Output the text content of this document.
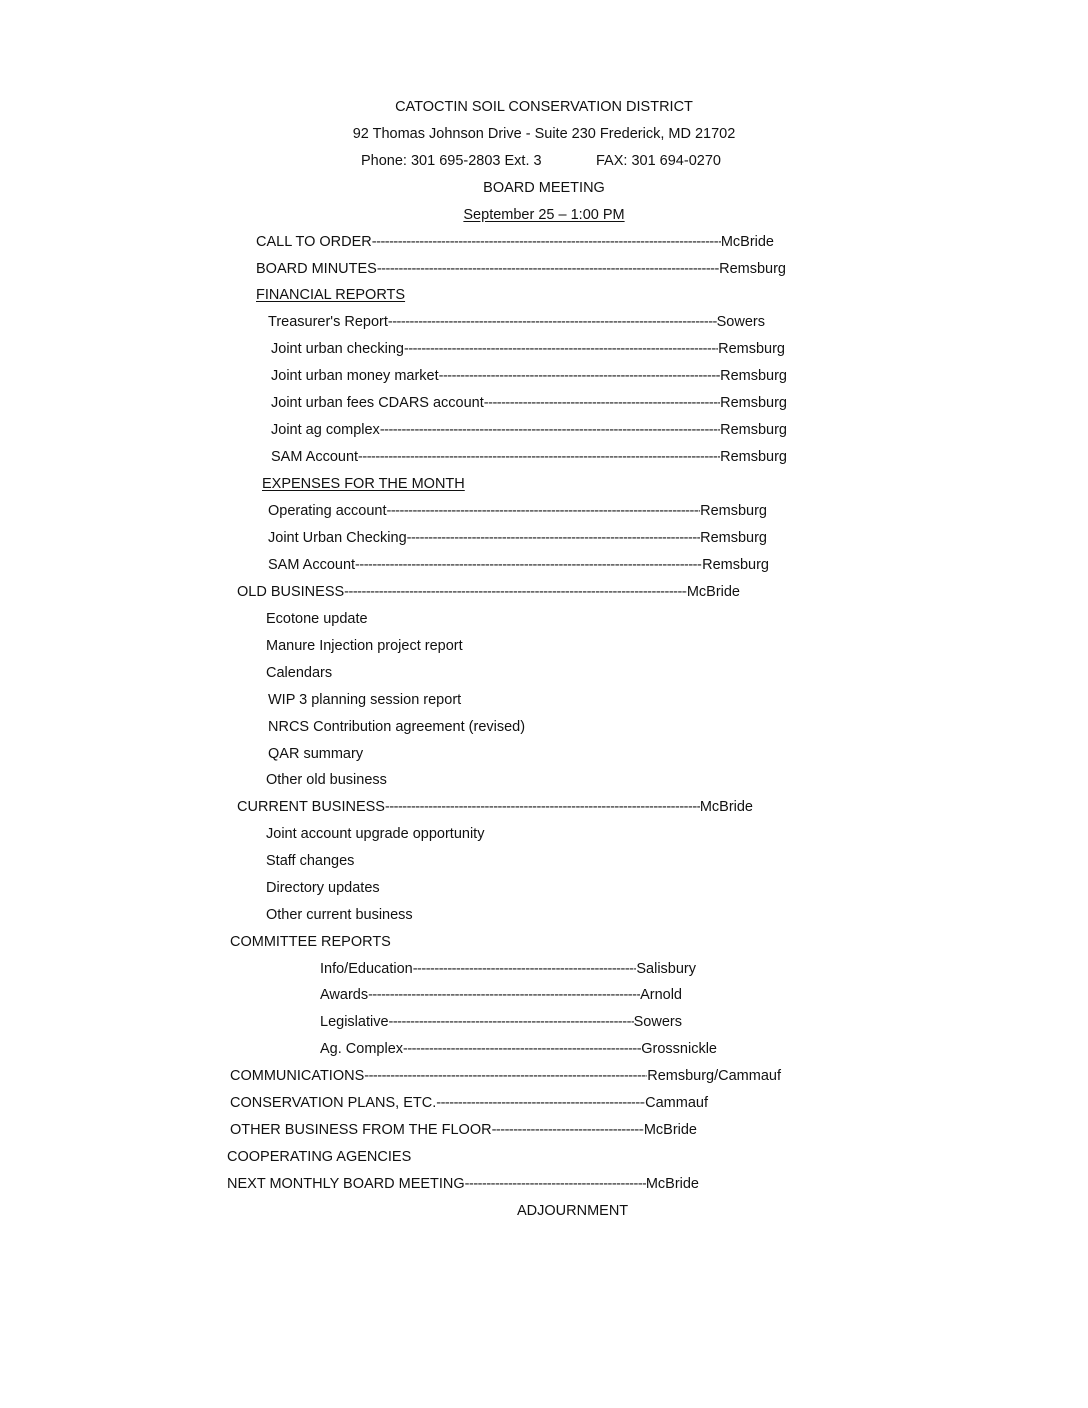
CATOCTIN SOIL CONSERVATION DISTRICT
92 Thomas Johnson Drive - Suite 230 Frederick, MD 21702
Phone: 301 695-2803 Ext. 3	FAX: 301 694-0270
BOARD MEETING
September 25 – 1:00 PM
CALL TO ORDER -----	McBride
BOARD MINUTES -----	Remsburg
FINANCIAL REPORTS
Treasurer's Report -----	Sowers
Joint urban checking -----	Remsburg
Joint urban money market -----	Remsburg
Joint urban fees CDARS account -----	Remsburg
Joint ag complex -----	Remsburg
SAM Account -----	Remsburg
EXPENSES FOR THE MONTH
Operating account -----	Remsburg
Joint Urban Checking -----	Remsburg
SAM Account -----	Remsburg
OLD BUSINESS -----	McBride
Ecotone update
Manure Injection project report
Calendars
WIP 3 planning session report
NRCS Contribution agreement (revised)
QAR summary
Other old business
CURRENT BUSINESS -----	McBride
Joint account upgrade opportunity
Staff changes
Directory updates
Other current business
COMMITTEE REPORTS
Info/Education -----	Salisbury
Awards -----	Arnold
Legislative -----	Sowers
Ag. Complex -----	Grossnickle
COMMUNICATIONS -----	Remsburg/Cammauf
CONSERVATION PLANS, ETC. -----	Cammauf
OTHER BUSINESS FROM THE FLOOR -----	McBride
COOPERATING AGENCIES
NEXT MONTHLY BOARD MEETING -----	McBride
ADJOURNMENT
